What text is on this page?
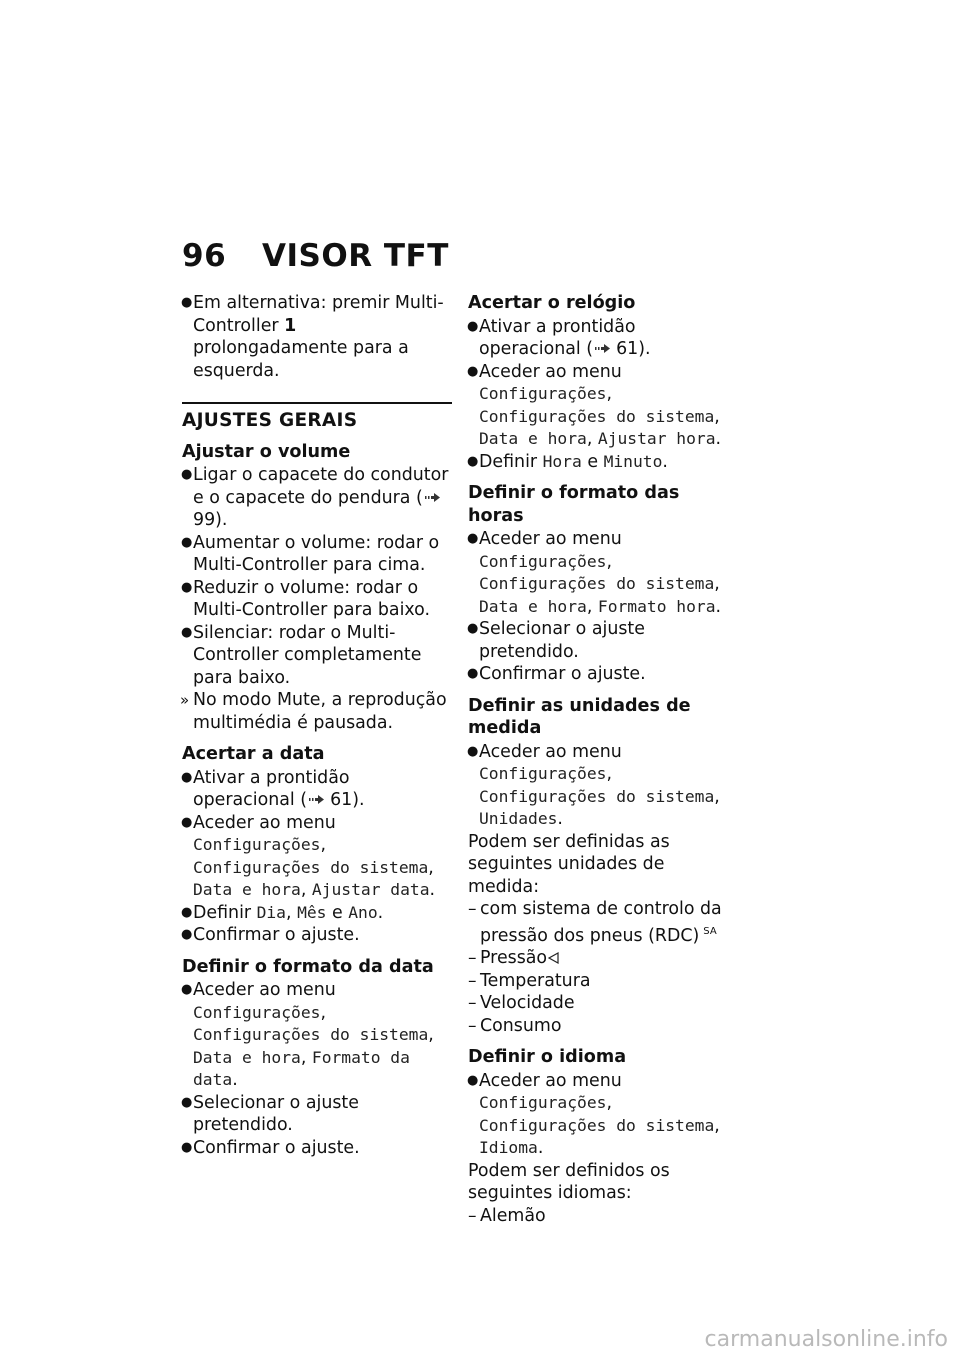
96 VISOR TFT

● Em alternativa: premir Multi-Controller 1 prolongadamente para a esquerda.

AJUSTES GERAIS
Ajustar o volume

● Ligar o capacete do condutor e o capacete do pendura (
99).

● Aumentar o volume: rodar o Multi-Controller para cima.

● Reduzir o volume: rodar o Multi-Controller para baixo.

● Silenciar: rodar o Multi-Controller completamente para baixo.

» No modo Mute, a reprodução multimédia é pausada.

Acertar a data

● Ativar a prontidão operacional ( 61).

● Aceder ao menu Configurações, Configurações do sistema, Data e hora, Ajustar data.

● Definir Dia, Mês e Ano.

● Confirmar o ajuste.

Definir o formato da data

● Aceder ao menu Configurações, Configurações do sistema, Data e hora, Formato da data.

● Selecionar o ajuste pretendido.

● Confirmar o ajuste.

Acertar o relógio

● Ativar a prontidão operacional ( 61).

● Aceder ao menu Configurações, Configurações do sistema, Data e hora, Ajustar hora.

● Definir Hora e Minuto.

Definir o formato das horas

● Aceder ao menu Configurações, Configurações do sistema, Data e hora, Formato hora.

● Selecionar o ajuste pretendido.

● Confirmar o ajuste.

Definir as unidades de medida

● Aceder ao menu Configurações, Configurações do sistema, Unidades.

Podem ser definidas as seguintes unidades de medida:

– com sistema de controlo da pressão dos pneus (RDC) $^{SA}$

– Pressão

– Temperatura

– Velocidade

– Consumo

Definir o idioma

● Aceder ao menu Configurações, Configurações do sistema, Idioma.

Podem ser definidos os seguintes idiomas:

– Alemão

carmanualsonline.info
